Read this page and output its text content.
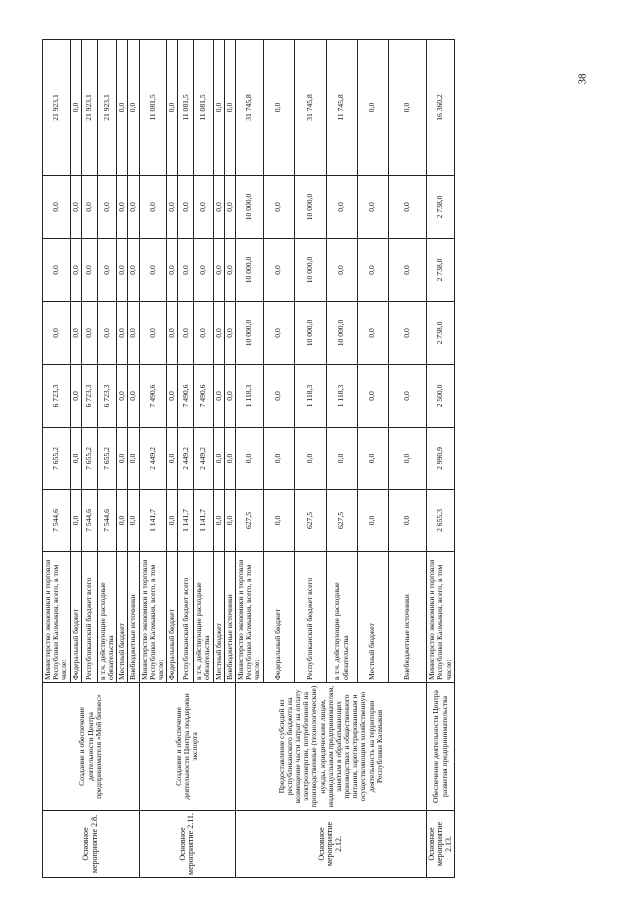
Основное мероприятие 2.8.	Создание и обеспечение деятельности Центра предпринимателя «Мой бизнес»	Министерство экономики и торговли Республики Калмыкия, всего, в том числе:	7 544,6	7 655,2	6 723,3	0,0	0,0	0,0	21 923,1
		Федеральный бюджет	0,0	0,0	0,0	0,0	0,0	0,0	0,0
		Республиканский бюджет всего	7 544,6	7 655,2	6 723,3	0,0	0,0	0,0	21 923,1
		в т.ч. действующие расходные обязательства	7 544,6	7 655,2	6 723,3	0,0	0,0	0,0	21 923,1
		Местный бюджет	0,0	0,0	0,0	0,0	0,0	0,0	0,0
		Внебюджетные источники	0,0	0,0	0,0	0,0	0,0	0,0	0,0
Основное мероприятие 2.11.	Создание и обеспечение деятельности Центра поддержки экспорта	Министерство экономики и торговли Республики Калмыкия, всего, в том числе:	1 141,7	2 449,2	7 490,6	0,0	0,0	0,0	11 081,5
		Федеральный бюджет	0,0	0,0	0,0	0,0	0,0	0,0	0,0
		Республиканский бюджет всего	1 141,7	2 449,2	7 490,6	0,0	0,0	0,0	11 081,5
		в т.ч. действующие расходные обязательства	1 141,7	2 449,2	7 490,6	0,0	0,0	0,0	11 081,5
		Местный бюджет	0,0	0,0	0,0	0,0	0,0	0,0	0,0
		Внебюджетные источники	0,0	0,0	0,0	0,0	0,0	0,0	0,0
Основное мероприятие 2.12.	Предоставление субсидий из республиканского бюджета на возмещение части затрат на оплату электроэнергии, потребленной на производственные (технологические) нужды, юридическим лицам, индивидуальным предпринимателям, занятым в обрабатывающих производствах и общественного питания, зарегистрированным и осуществляющим хозяйственную деятельность на территории Республики Калмыкия	Министерство экономики и торговли Республики Калмыкия, всего, в том числе:	627,5	0,0	1 118,3	10 000,0	10 000,0	10 000,0	31 745,8
		Федеральный бюджет	0,0	0,0	0,0	0,0	0,0	0,0	0,0
		Республиканский бюджет всего	627,5	0,0	1 118,3	10 000,0	10 000,0	10 000,0	31 745,8
		в т.ч. действующие расходные обязательства	627,5	0,0	1 118,3	10 000,0	0,0	0,0	11 745,8
		Местный бюджет	0,0	0,0	0,0	0,0	0,0	0,0	0,0
		Внебюджетные источники	0,0	0,0	0,0	0,0	0,0	0,0	0,0
Основное мероприятие 2.13.	Обеспечение деятельности Центра развития предпринимательства	Министерство экономики и торговли Республики Калмыкия, всего, в том числе:	2 655,3	2 990,9	2 500,0	2 738,0	2 738,0	2 738,0	16 360,2
38
